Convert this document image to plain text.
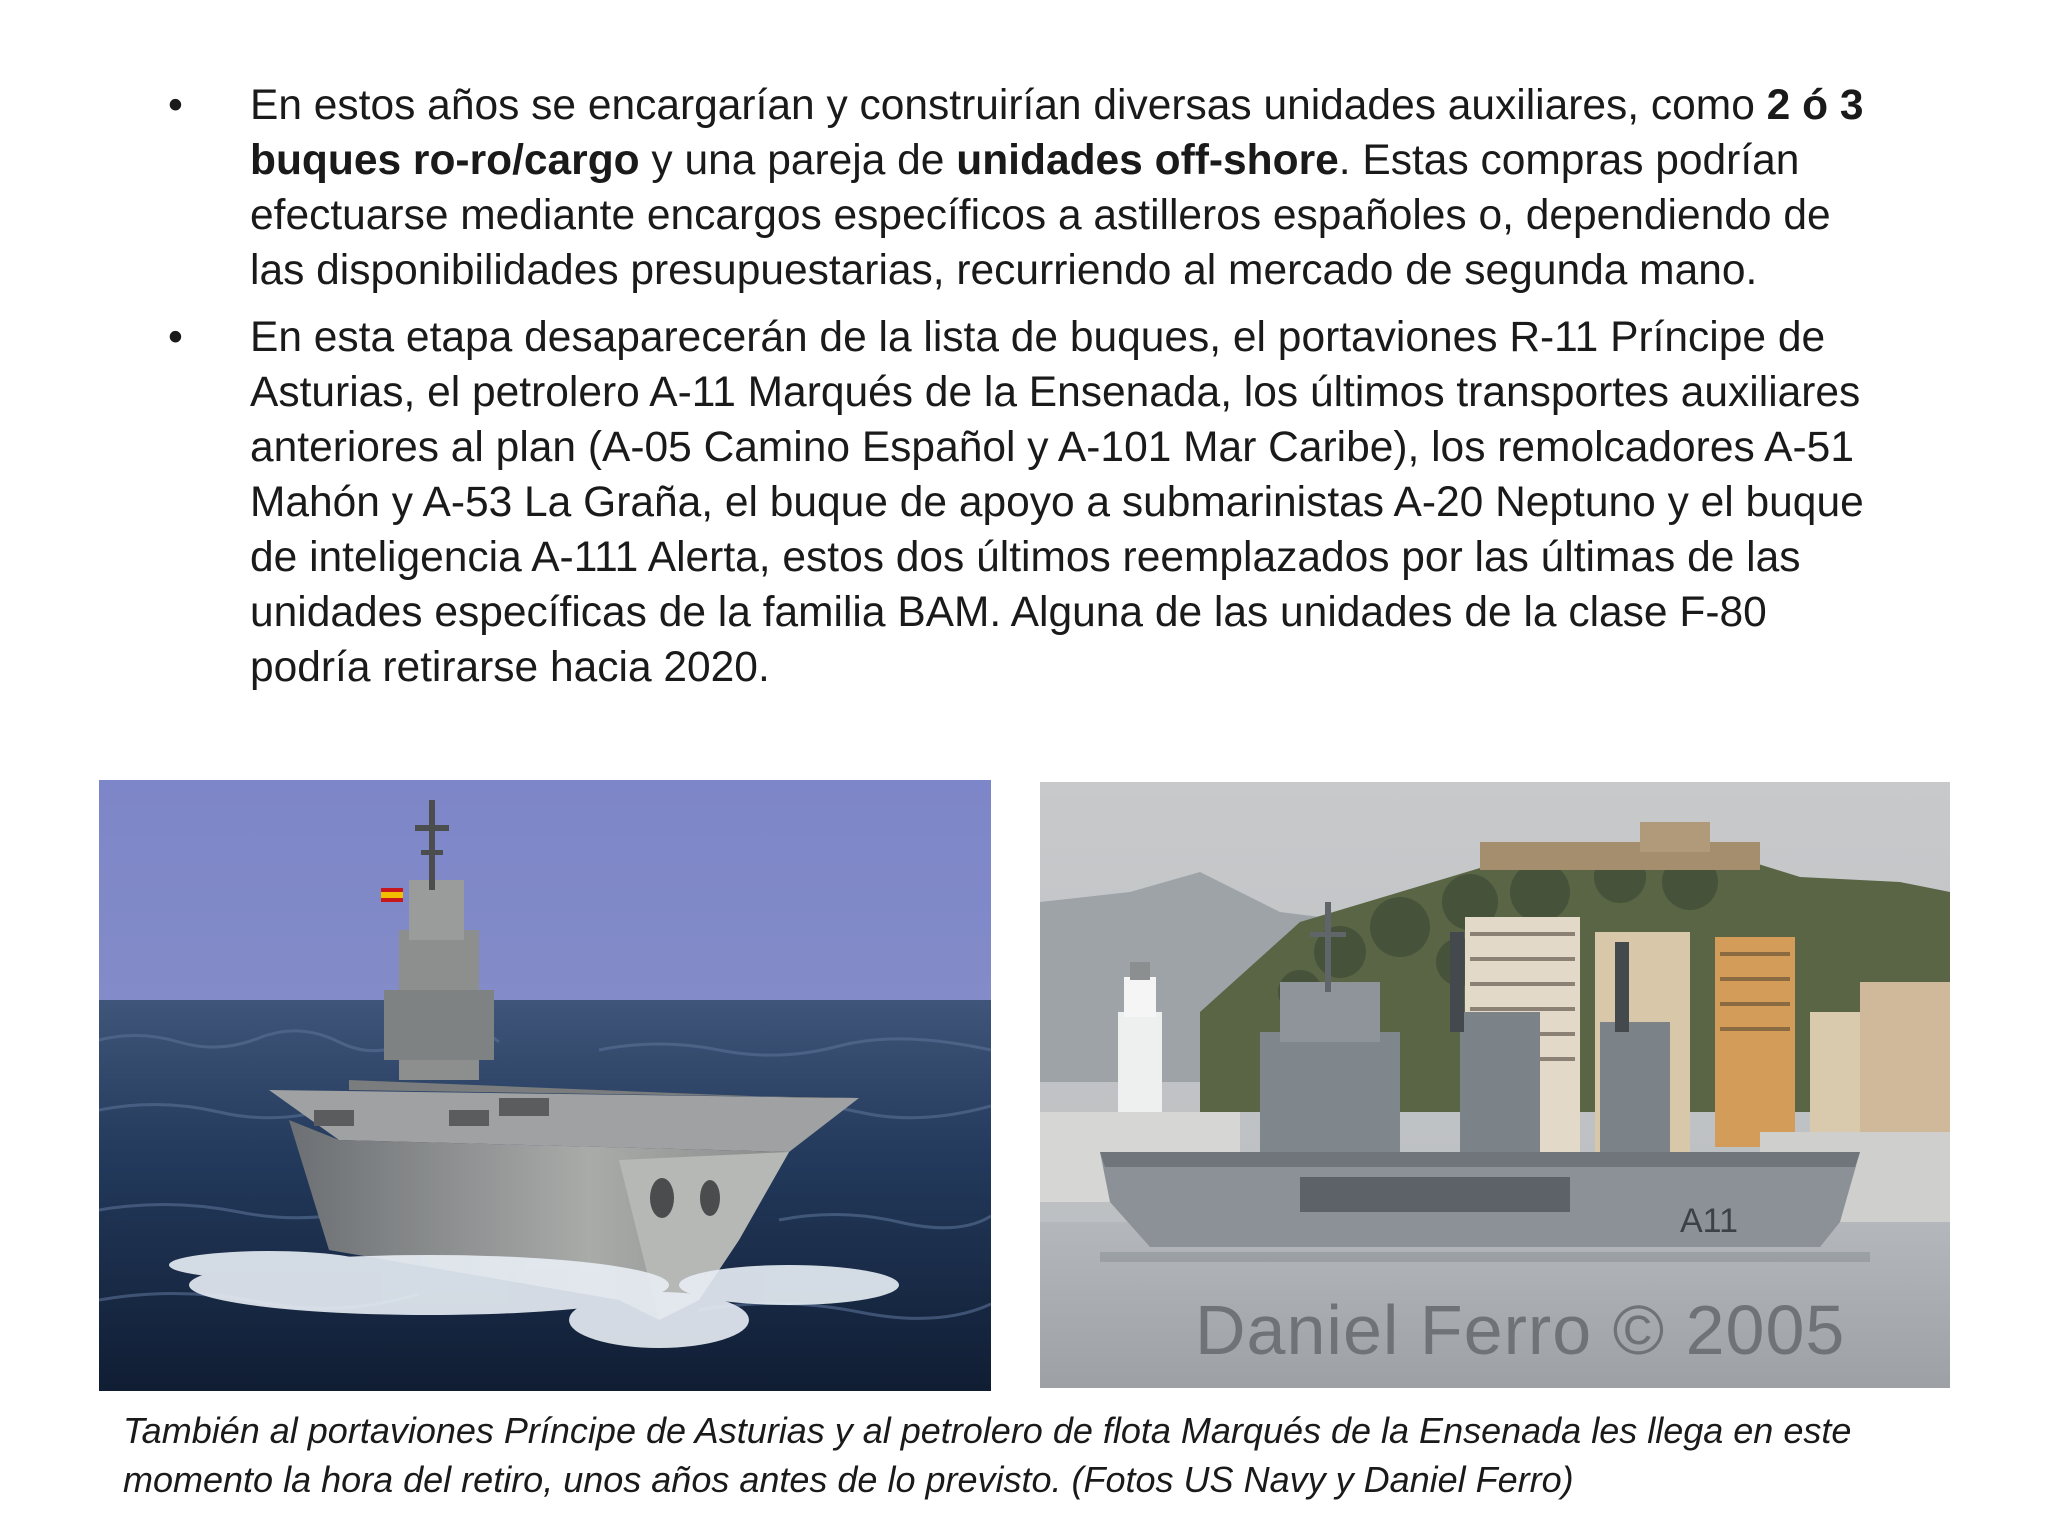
•	En estos años se encargarían y construirían diversas unidades auxiliares, como 2 ó 3 buques ro-ro/cargo y una pareja de unidades off-shore. Estas compras podrían efectuarse mediante encargos específicos a astilleros españoles o, dependiendo de las disponibilidades presupuestarias, recurriendo al mercado de segunda mano.
•	En esta etapa desaparecerán de la lista de buques, el portaviones R-11 Príncipe de Asturias, el petrolero A-11 Marqués de la Ensenada, los últimos transportes auxiliares anteriores al plan (A-05 Camino Español y A-101 Mar Caribe), los remolcadores A-51 Mahón y A-53 La Graña, el buque de apoyo a submarinistas A-20 Neptuno y el buque de inteligencia A-111 Alerta, estos dos últimos reemplazados por las últimas de las unidades específicas de la familia BAM. Alguna de las unidades de la clase F-80 podría retirarse hacia 2020.
A11
Daniel Ferro © 2005
También al portaviones Príncipe de Asturias y al petrolero de flota Marqués de la Ensenada les llega en este momento la hora del retiro, unos años antes de lo previsto. (Fotos US Navy y Daniel Ferro)
